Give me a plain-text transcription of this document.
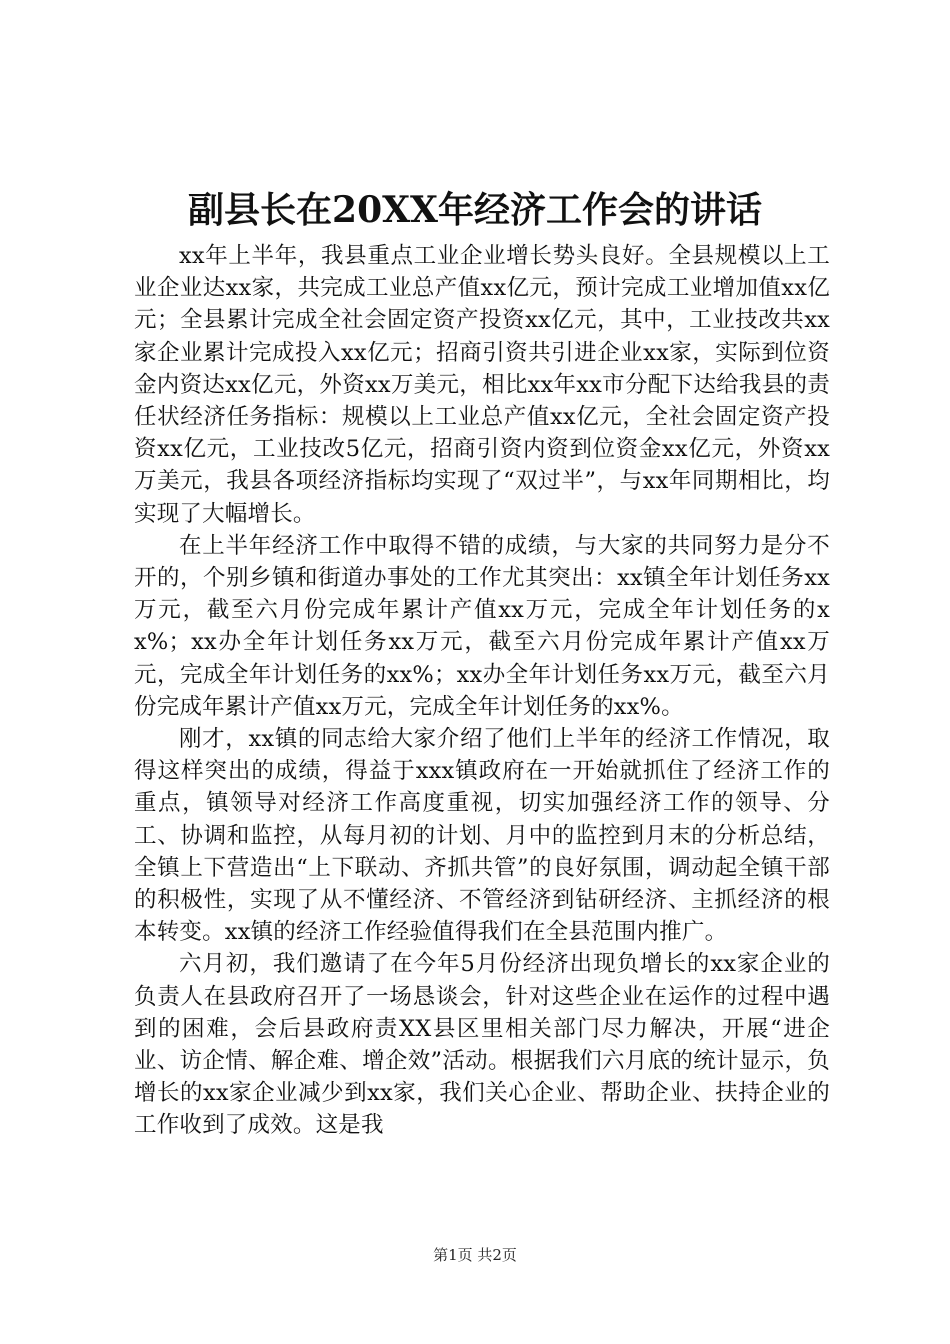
副县长在20XX年经济工作会的讲话

xx年上半年，我县重点工业企业增长势头良好。全县规模以上工业企业达xx家，共完成工业总产值xx亿元，预计完成工业增加值xx亿元；全县累计完成全社会固定资产投资xx亿元，其中，工业技改共xx家企业累计完成投入xx亿元；招商引资共引进企业xx家，实际到位资金内资达xx亿元，外资xx万美元，相比xx年xx市分配下达给我县的责任状经济任务指标：规模以上工业总产值xx亿元，全社会固定资产投资xx亿元，工业技改5亿元，招商引资内资到位资金xx亿元，外资xx万美元，我县各项经济指标均实现了“双过半”，与xx年同期相比，均实现了大幅增长。

在上半年经济工作中取得不错的成绩，与大家的共同努力是分不开的，个别乡镇和街道办事处的工作尤其突出：xx镇全年计划任务xx万元，截至六月份完成年累计产值xx万元，完成全年计划任务的xx%；xx办全年计划任务xx万元，截至六月份完成年累计产值xx万元，完成全年计划任务的xx%；xx办全年计划任务xx万元，截至六月份完成年累计产值xx万元，完成全年计划任务的xx%。

刚才，xx镇的同志给大家介绍了他们上半年的经济工作情况，取得这样突出的成绩，得益于xxx镇政府在一开始就抓住了经济工作的重点，镇领导对经济工作高度重视，切实加强经济工作的领导、分工、协调和监控，从每月初的计划、月中的监控到月末的分析总结，全镇上下营造出“上下联动、齐抓共管”的良好氛围，调动起全镇干部的积极性，实现了从不懂经济、不管经济到钻研经济、主抓经济的根本转变。xx镇的经济工作经验值得我们在全县范围内推广。

六月初，我们邀请了在今年5月份经济出现负增长的xx家企业的负责人在县政府召开了一场恳谈会，针对这些企业在运作的过程中遇到的困难，会后县政府责XX县区里相关部门尽力解决，开展“进企业、访企情、解企难、增企效”活动。根据我们六月底的统计显示，负增长的xx家企业减少到xx家，我们关心企业、帮助企业、扶持企业的工作收到了成效。这是我

第1页 共2页
